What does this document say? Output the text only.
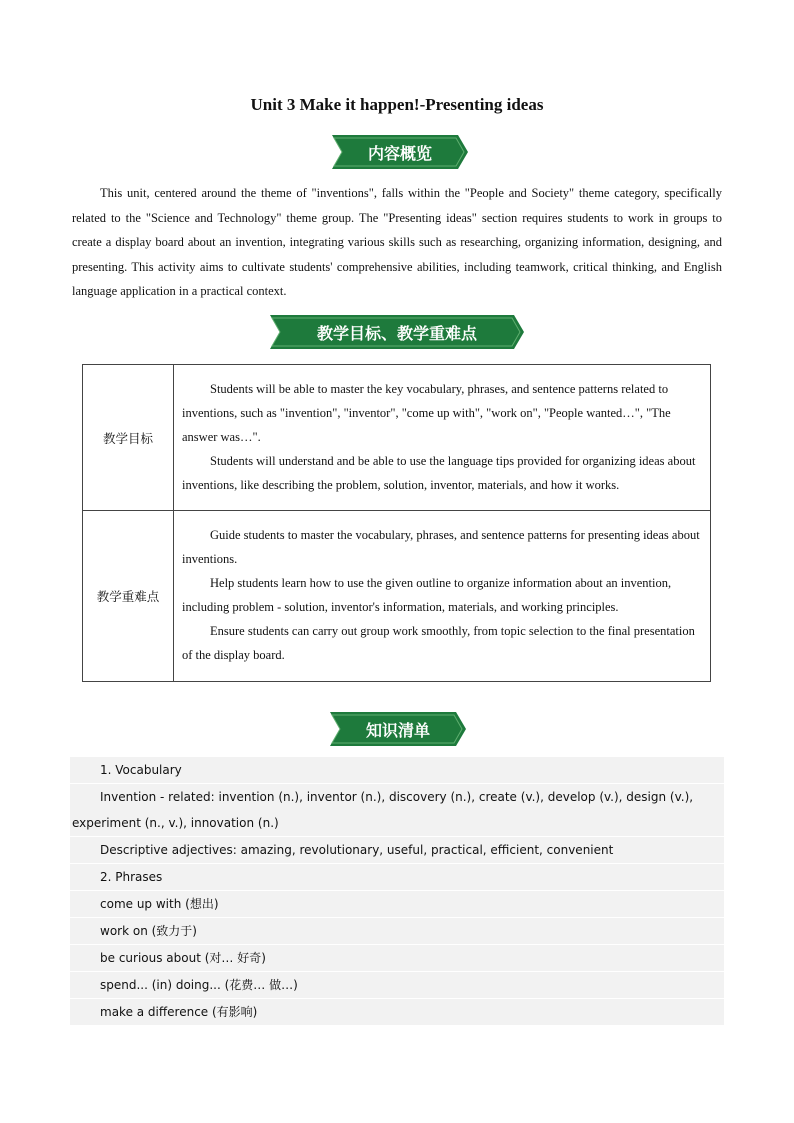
Unit 3 Make it happen!-Presenting ideas
内容概览

This unit, centered around the theme of "inventions", falls within the "People and Society" theme category, specifically related to the "Science and Technology" theme group. The "Presenting ideas" section requires students to work in groups to create a display board about an invention, integrating various skills such as researching, organizing information, designing, and presenting. This activity aims to cultivate students' comprehensive abilities, including teamwork, critical thinking, and English language application in a practical context.

教学目标、教学重难点
教学目标	Students will be able to master the key vocabulary, phrases, and sentence patterns related to inventions, such as "invention", "inventor", "come up with", "work on", "People wanted…", "The answer was…".

Students will understand and be able to use the language tips provided for organizing ideas about inventions, like describing the problem, solution, inventor, materials, and how it works.

教学重难点	Guide students to master the vocabulary, phrases, and sentence patterns for presenting ideas about inventions.

Help students learn how to use the given outline to organize information about an invention, including problem - solution, inventor's information, materials, and working principles.

Ensure students can carry out group work smoothly, from topic selection to the final presentation of the display board.

知识清单
1. Vocabulary
Invention - related: invention (n.), inventor (n.), discovery (n.), create (v.), develop (v.), design (v.),
experiment (n., v.), innovation (n.)
Descriptive adjectives: amazing, revolutionary, useful, practical, efficient, convenient
2. Phrases
come up with (想出)
work on (致力于)
be curious about (对… 好奇)
spend... (in) doing... (花费… 做…)
make a difference (有影响)
